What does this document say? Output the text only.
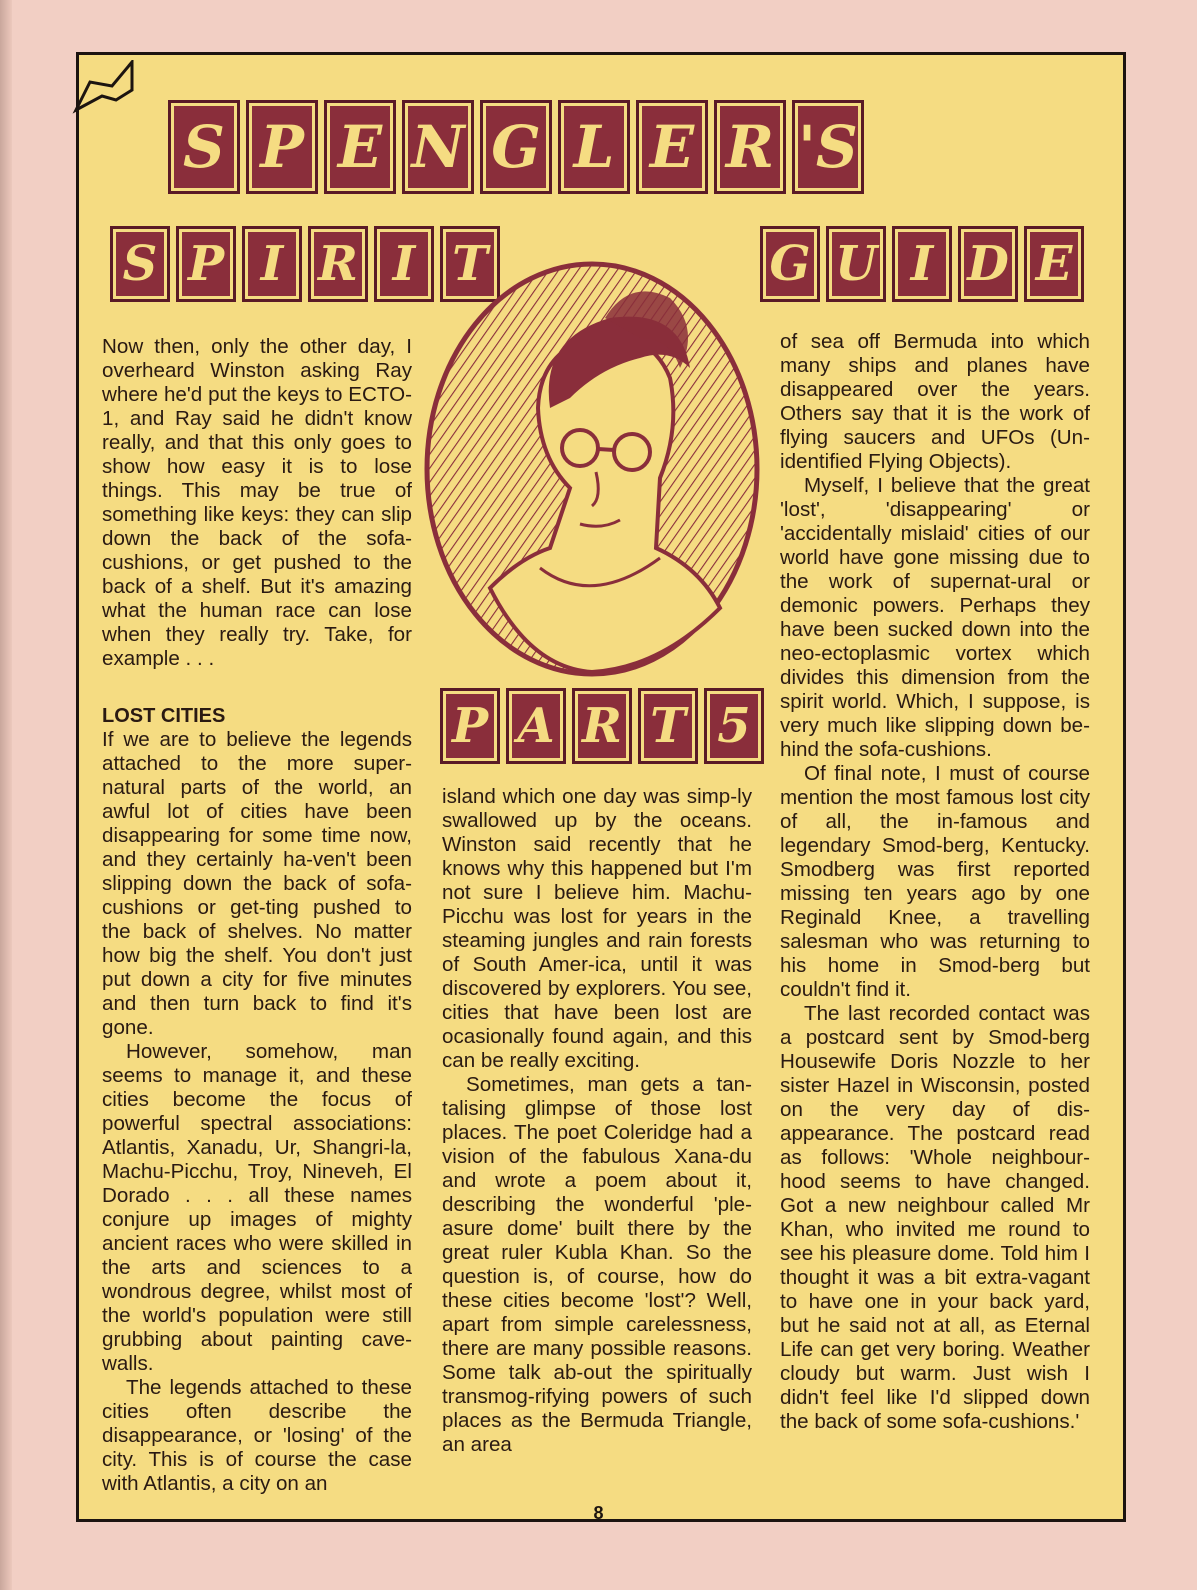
S P E N G L E R 'S
S P I R I T	G U I D E
P A R T 5

Now then, only the other day, I overheard Winston asking Ray where he'd put the keys to ECTO-1, and Ray said he didn't know really, and that this only goes to show how easy it is to lose things. This may be true of something like keys: they can slip down the back of the sofa-cushions, or get pushed to the back of a shelf. But it's amazing what the human race can lose when they really try. Take, for example . . .

LOST CITIES

If we are to believe the legends attached to the more super-natural parts of the world, an awful lot of cities have been disappearing for some time now, and they certainly ha-ven't been slipping down the back of sofa-cushions or get-ting pushed to the back of shelves. No matter how big the shelf. You don't just put down a city for five minutes and then turn back to find it's gone.

However, somehow, man seems to manage it, and these cities become the focus of powerful spectral associations: Atlantis, Xanadu, Ur, Shangri-la, Machu-Picchu, Troy, Nineveh, El Dorado . . . all these names conjure up images of mighty ancient races who were skilled in the arts and sciences to a wondrous degree, whilst most of the world's population were still grubbing about painting cave-walls.

The legends attached to these cities often describe the disappearance, or 'losing' of the city. This is of course the case with Atlantis, a city on an

island which one day was simp-ly swallowed up by the oceans. Winston said recently that he knows why this happened but I'm not sure I believe him. Machu-Picchu was lost for years in the steaming jungles and rain forests of South Amer-ica, until it was discovered by explorers. You see, cities that have been lost are ocasionally found again, and this can be really exciting.

Sometimes, man gets a tan-talising glimpse of those lost places. The poet Coleridge had a vision of the fabulous Xana-du and wrote a poem about it, describing the wonderful 'ple-asure dome' built there by the great ruler Kubla Khan. So the question is, of course, how do these cities become 'lost'? Well, apart from simple carelessness, there are many possible reasons. Some talk ab-out the spiritually transmog-rifying powers of such places as the Bermuda Triangle, an area

of sea off Bermuda into which many ships and planes have disappeared over the years. Others say that it is the work of flying saucers and UFOs (Un-identified Flying Objects).

Myself, I believe that the great 'lost', 'disappearing' or 'accidentally mislaid' cities of our world have gone missing due to the work of supernat-ural or demonic powers. Perhaps they have been sucked down into the neo-ectoplasmic vortex which divides this dimension from the spirit world. Which, I suppose, is very much like slipping down be-hind the sofa-cushions.

Of final note, I must of course mention the most famous lost city of all, the in-famous and legendary Smod-berg, Kentucky. Smodberg was first reported missing ten years ago by one Reginald Knee, a travelling salesman who was returning to his home in Smod-berg but couldn't find it.

The last recorded contact was a postcard sent by Smod-berg Housewife Doris Nozzle to her sister Hazel in Wisconsin, posted on the very day of dis-appearance. The postcard read as follows: 'Whole neighbour-hood seems to have changed. Got a new neighbour called Mr Khan, who invited me round to see his pleasure dome. Told him I thought it was a bit extra-vagant to have one in your back yard, but he said not at all, as Eternal Life can get very boring. Weather cloudy but warm. Just wish I didn't feel like I'd slipped down the back of some sofa-cushions.'

8
